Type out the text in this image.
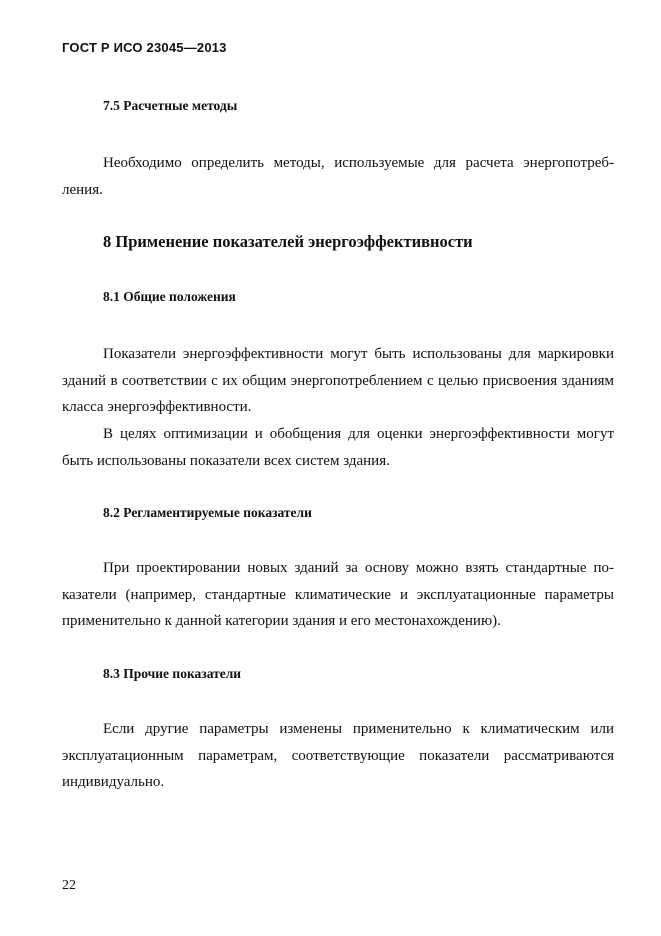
ГОСТ Р ИСО 23045—2013
7.5 Расчетные методы

Необходимо определить методы, используемые для расчета энергопотребления.

8 Применение показателей энергоэффективности
8.1 Общие положения

Показатели энергоэффективности могут быть использованы для маркировки зданий в соответствии с их общим энергопотреблением с целью присвоения зданиям класса энергоэффективности.

В целях оптимизации и обобщения для оценки энергоэффективности могут быть использованы показатели всех систем здания.

8.2 Регламентируемые показатели

При проектировании новых зданий за основу можно взять стандартные показатели (например, стандартные климатические и эксплуатационные параметры применительно к данной категории здания и его местонахождению).

8.3 Прочие показатели

Если другие параметры изменены применительно к климатическим или эксплуатационным параметрам, соответствующие показатели рассматриваются индивидуально.

22
